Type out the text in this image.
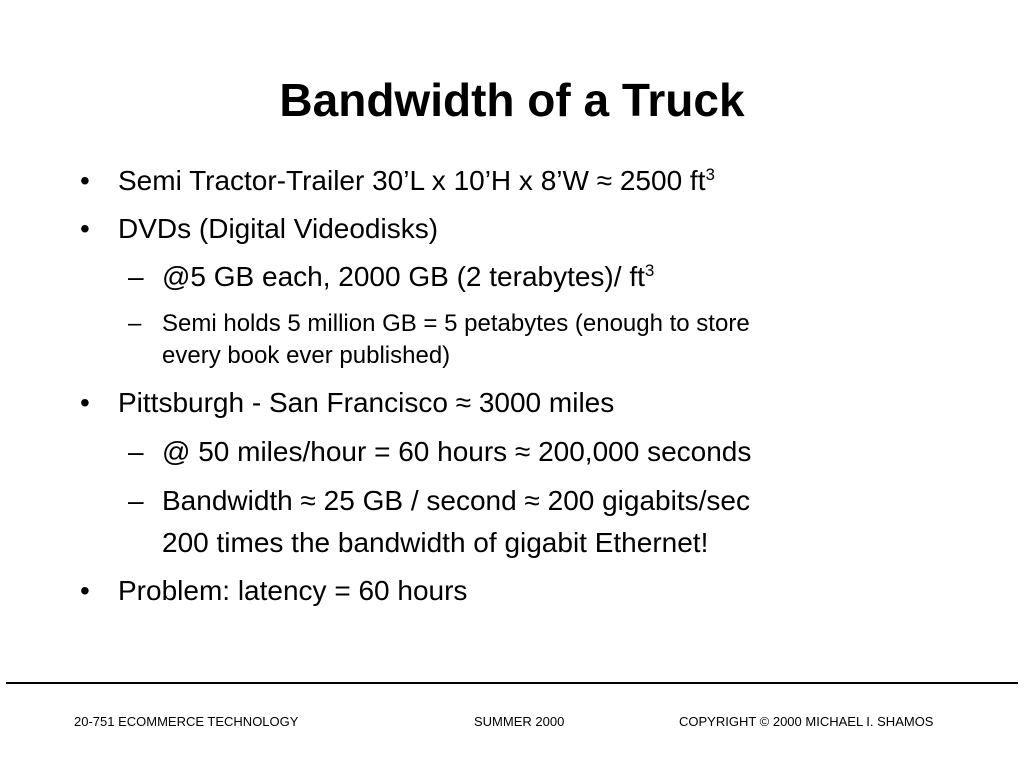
Bandwidth of a Truck
• Semi Tractor-Trailer 30’L x 10’H x 8’W ≈ 2500 $ft^3$
• DVDs (Digital Videodisks)
– @5 GB each, 2000 GB (2 terabytes)/ $ft^3$
– Semi holds 5 million GB = 5 petabytes (enough to store
every book ever published)
• Pittsburgh - San Francisco ≈ 3000 miles
– @ 50 miles/hour = 60 hours ≈ 200,000 seconds
– Bandwidth ≈ 25 GB / second ≈ 200 gigabits/sec
200 times the bandwidth of gigabit Ethernet!
• Problem: latency = 60 hours
20-751 ECOMMERCE TECHNOLOGY	SUMMER 2000	COPYRIGHT © 2000 MICHAEL I. SHAMOS
